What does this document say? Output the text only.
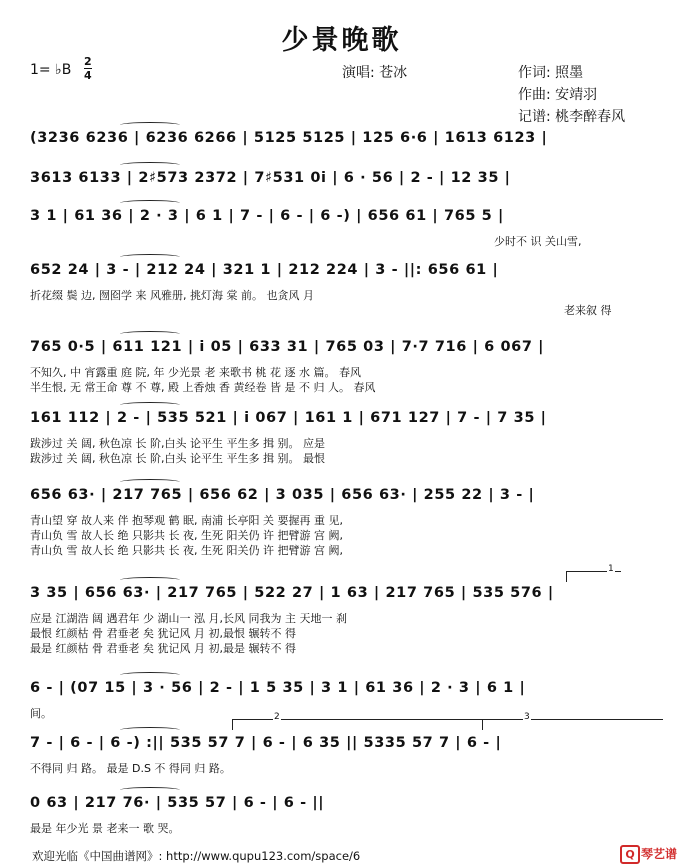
少景晚歌
1= ♭B
2
4	演唱: 苍冰	作词: 照墨
作曲: 安靖羽
记谱: 桃李醉春风
(3236 6236 | 6236 6266 | 5125 5125 | 125 6·6 | 1613 6123 |
3613 6133 | 2♯573 2372 | 7♯531 0i | 6 · 56 | 2 - | 12 35 |
3 1 | 61 36 | 2 · 3 | 6 1 | 7 - | 6 - | 6 -) | 656 61 | 765 5 |
少时不 识 关山雪,
652 24 | 3 - | 212 24 | 321 1 | 212 224 | 3 - ||: 656 61 |
折花缀 鬓 边, 囫囵学 来 风雅册, 挑灯海 棠 前。 也贪风 月
老来叙 得
765 0·5 | 611 121 | i 05 | 633 31 | 765 03 | 7·7 716 | 6 067 |
不知久, 中 宵露重 庭 院, 年 少光景 老 来歌书 桃 花 逐 水 篇。 春风
半生恨, 无 常王命 尊 不 尊, 殿 上香烛 香 黄经卷 皆 是 不 归 人。 春风
161 112 | 2 - | 535 521 | i 067 | 161 1 | 671 127 | 7 - | 7 35 |
跋涉过 关 阔, 秋色凉 长 阶,白头 论平生 平生多 揖 别。 应是
跋涉过 关 阔, 秋色凉 长 阶,白头 论平生 平生多 揖 别。 最恨
656 63· | 217 765 | 656 62 | 3 035 | 656 63· | 255 22 | 3 - |
青山望 穿 故人来 伴 抱琴观 鹤 眠, 南浦 长亭阳 关 要握再 重 见,
青山负 雪 故人长 绝 只影共 长 夜, 生死 阳关仍 许 把臂游 宫 阙,
青山负 雪 故人长 绝 只影共 长 夜, 生死 阳关仍 许 把臂游 宫 阙,
3 35 | 656 63· | 217 765 | 522 27 | 1 63 | 217 765 | 535 576 |
应是 江湖浩 阔 遇君年 少 湖山一 泓 月,长风 同我为 主 天地一 刹
最恨 红颜枯 骨 君垂老 矣 犹记风 月 初,最恨 辗转不 得
最是 红颜枯 骨 君垂老 矣 犹记风 月 初,最是 辗转不 得
6 - | (07 15 | 3 · 56 | 2 - | 1 5 35 | 3 1 | 61 36 | 2 · 3 | 6 1 |
间。
7 - | 6 - | 6 -) :|| 535 57 7 | 6 - | 6 35 || 5335 57 7 | 6 - |
不得同 归 路。 最是 D.S 不 得同 归 路。
0 63 | 217 76· | 535 57 | 6 - | 6 - ||
最是 年少光 景 老来一 歌 哭。
1
2	3
欢迎光临《中国曲谱网》: http://www.qupu123.com/space/6	Q 琴艺谱
